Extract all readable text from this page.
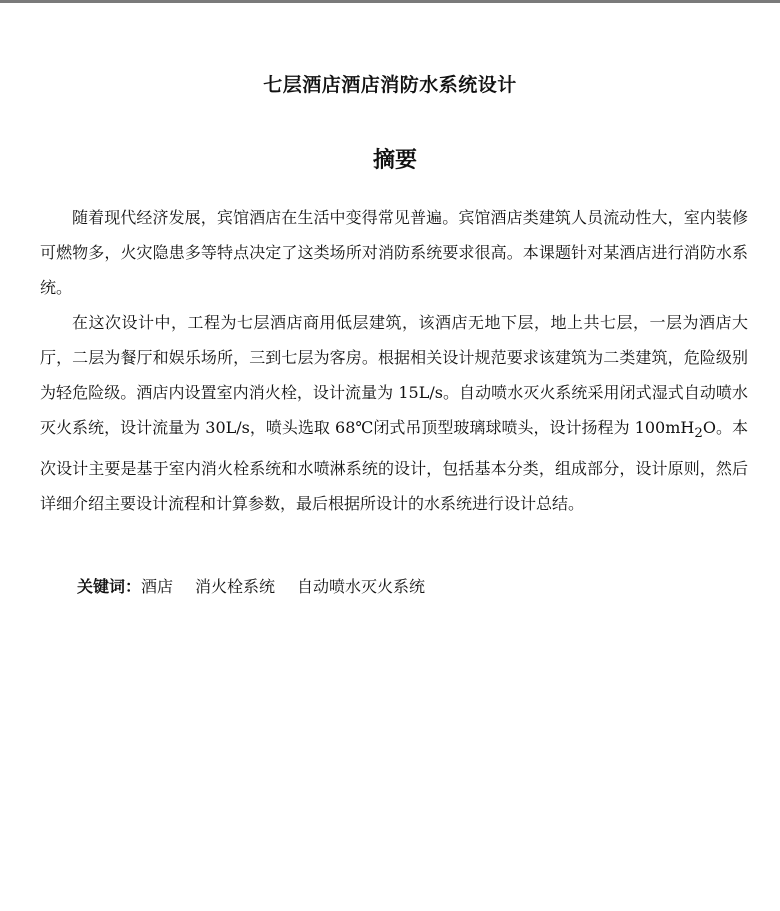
七层酒店酒店消防水系统设计
摘要

随着现代经济发展，宾馆酒店在生活中变得常见普遍。宾馆酒店类建筑人员流动性大，室内装修可燃物多，火灾隐患多等特点决定了这类场所对消防系统要求很高。本课题针对某酒店进行消防水系统。

在这次设计中，工程为七层酒店商用低层建筑，该酒店无地下层，地上共七层，一层为酒店大厅，二层为餐厅和娱乐场所，三到七层为客房。根据相关设计规范要求该建筑为二类建筑，危险级别为轻危险级。酒店内设置室内消火栓，设计流量为 15L/s。自动喷水灭火系统采用闭式湿式自动喷水灭火系统，设计流量为 30L/s，喷头选取 68℃闭式吊顶型玻璃球喷头，设计扬程为 $100mH_2O$。本次设计主要是基于室内消火栓系统和水喷淋系统的设计，包括基本分类，组成部分，设计原则，然后详细介绍主要设计流程和计算参数，最后根据所设计的水系统进行设计总结。

关键词：酒店 消火栓系统 自动喷水灭火系统
